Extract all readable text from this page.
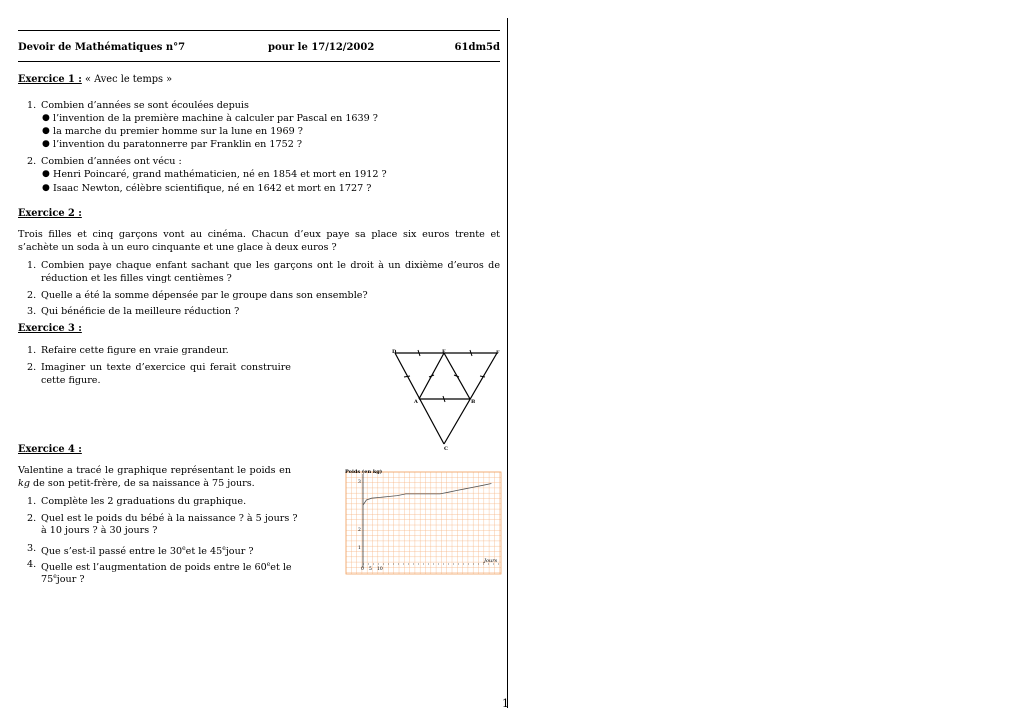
Devoir de Mathématiques n°7	pour le 17/12/2002	61dm5d
Exercice 1 : « Avec le temps »
1. Combien d’années se sont écoulées depuis
● l’invention de la première machine à calculer par Pascal en 1639 ?
● la marche du premier homme sur la lune en 1969 ?
● l’invention du paratonnerre par Franklin en 1752 ?
2. Combien d’années ont vécu :
● Henri Poincaré, grand mathématicien, né en 1854 et mort en 1912 ?
● Isaac Newton, célèbre scientifique, né en 1642 et mort en 1727 ?
Exercice 2 :
Trois filles et cinq garçons vont au cinéma. Chacun d’eux paye sa place six euros trente et s’achète un soda à un euro cinquante et une glace à deux euros ?
1. Combien paye chaque enfant sachant que les garçons ont le droit à un dixième d’euros de réduction et les filles vingt centièmes ?
2. Quelle a été la somme dépensée par le groupe dans son ensemble?
3. Qui bénéficie de la meilleure réduction ?
Exercice 3 :
1. Refaire cette figure en vraie grandeur.
2. Imaginer un texte d’exercice qui ferait construire cette figure.
Exercice 4 :
Valentine a tracé le graphique représentant le poids en kg de son petit-frère, de sa naissance à 75 jours.
1. Complète les 2 graduations du graphique.
2. Quel est le poids du bébé à la naissance ? à 5 jours ?
à 10 jours ? à 30 jours ?
3. Que s’est-il passé entre le 30eet le 45ejour ?
4. Quelle est l’augmentation de poids entre le 60eet le
75ejour ?
D	E	F
A	B
C
Poids (en kg)
Jours
3
2
1
0 5 10
1
